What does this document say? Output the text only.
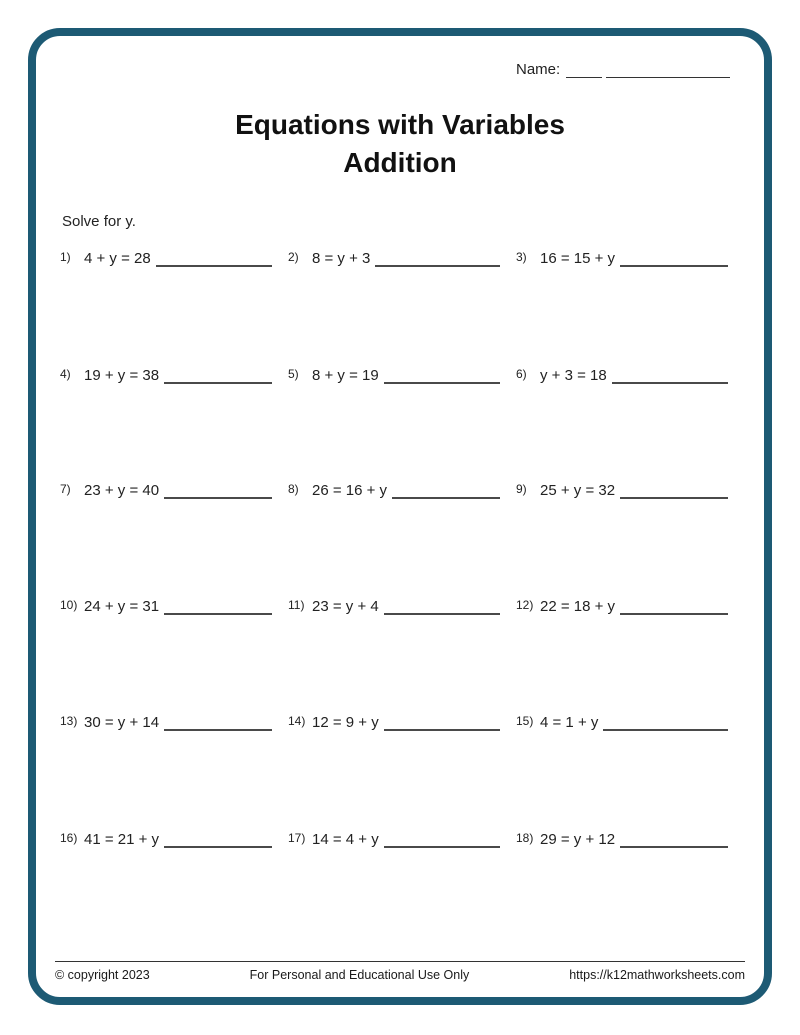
Name:
Equations with Variables
Addition
Solve for y.
1) 4 + y = 28	2) 8 = y + 3	3) 16 = 15 + y
4) 19 + y = 38	5) 8 + y = 19	6) y + 3 = 18
7) 23 + y = 40	8) 26 = 16 + y	9) 25 + y = 32
10) 24 + y = 31	11) 23 = y + 4	12) 22 = 18 + y
13) 30 = y + 14	14) 12 = 9 + y	15) 4 = 1 + y
16) 41 = 21 + y	17) 14 = 4 + y	18) 29 = y + 12
© copyright 2023	For Personal and Educational Use Only	https://k12mathworksheets.com
